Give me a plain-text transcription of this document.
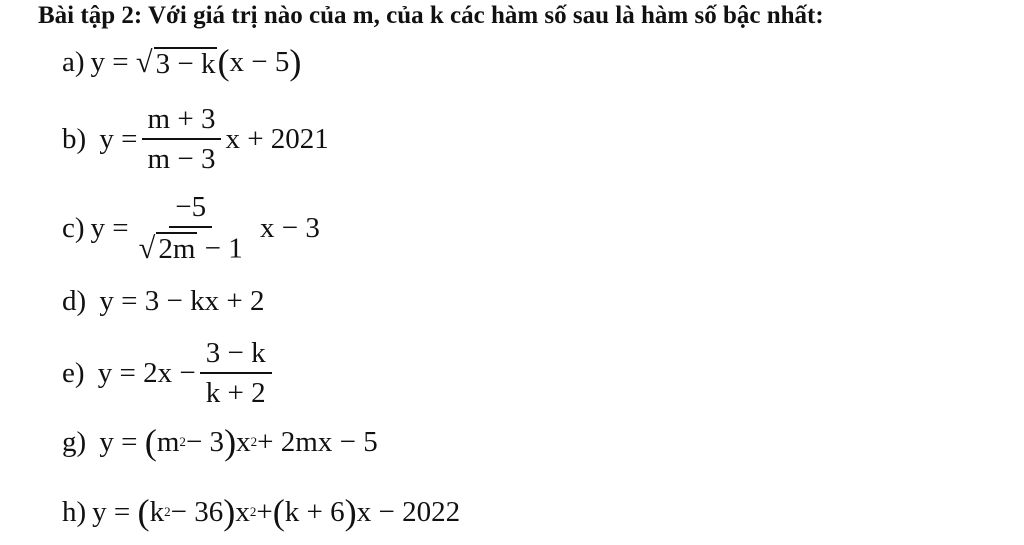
Bài tập 2: Với giá trị nào của m, của k các hàm số sau là hàm số bậc nhất:
a) y =
√ 3 − k ( x − 5 )
b)
$y = \frac{m + 3}{m - 3}$ x + 2021
c) $y = \frac{-5}{√ 2m - 1}$
x − 3
d)
y = 3 − kx + 2
e)
$y = 2x - \frac{3 - k}{k + 2}$
g)
y =
( m 2 − 3 ) x 2 + 2mx − 5
h) y =
( k 2 − 36 ) x 2 + ( k + 6 ) x − 2022
